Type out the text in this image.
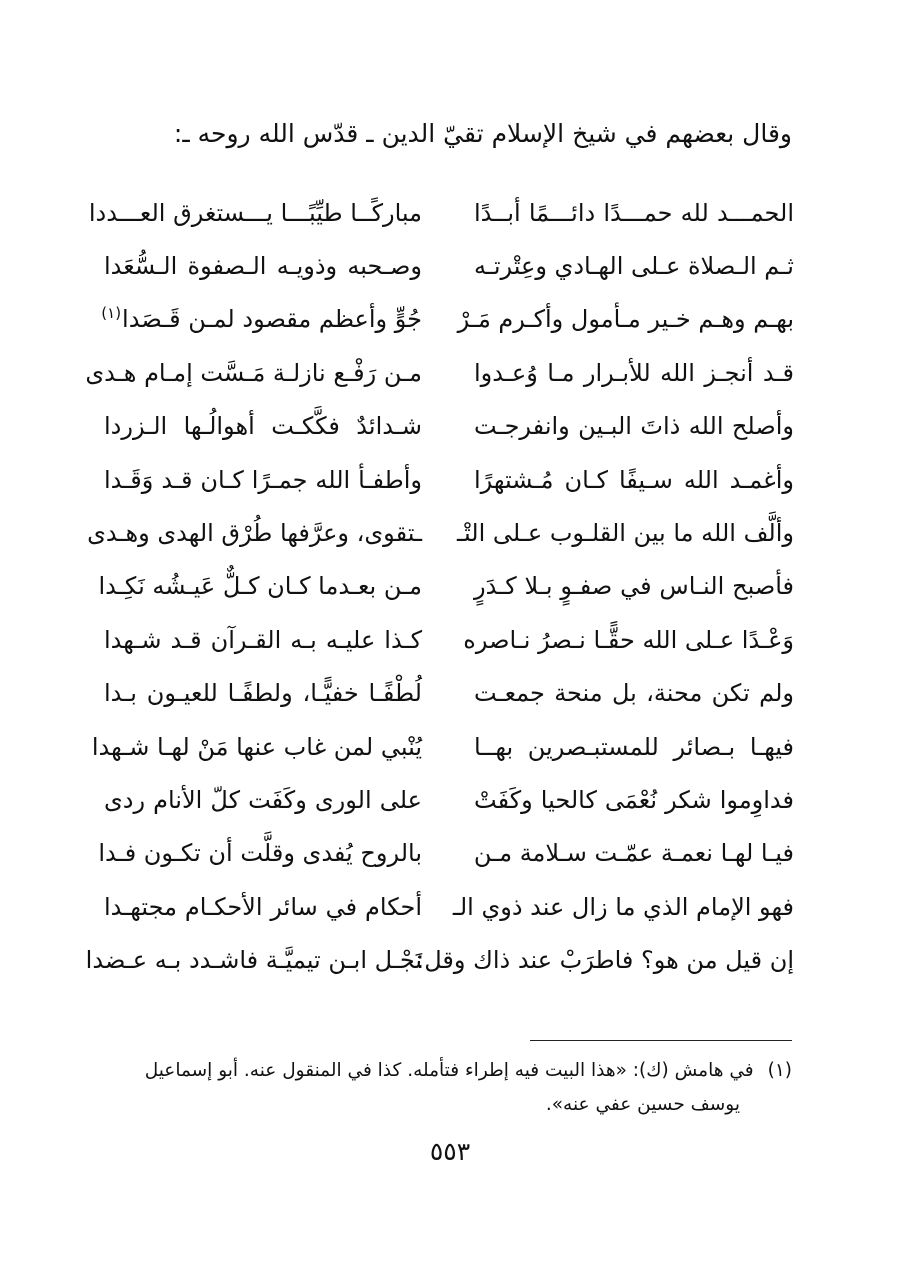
وقال بعضهم في شيخ الإسلام تقيّ الدين ـ قدّس الله روحه ـ:
الحمـــد لله حمـــدًا دائـــمًا أبــدًا
مباركًــا طيِّبًـــا يـــستغرق العـــددا
ثـم الـصلاة عـلى الهـادي وعِتْرتـه
وصـحبه وذويـه الـصفوة الـسُّعَدا
بهـم وهـم خـير مـأمول وأكـرم مَـرْ
جُوٍّ وأعظم مقصود لمـن قَـصَدا$^{(١)}$
قـد أنجـز الله للأبـرار مـا وُعـدوا
مـن رَفْـع نازلـة مَـسَّت إمـام هـدى
وأصلح الله ذاتَ البـين وانفرجـت
شـدائدٌ فكَّكـت أهوالُـها الـزردا
وأغمـد الله سـيفًا كـان مُـشتهرًا
وأطفـأ الله جمـرًا كـان قـد وَقَـدا
وألَّف الله ما بين القلـوب عـلى التْـ
ـتقوى، وعرَّفها طُرْق الهدى وهـدى
فأصبح النـاس في صفـوٍ بـلا كـدَرٍ
مـن بعـدما كـان كـلٌّ عَيـشُه نَكِـدا
وَعْـدًا عـلى الله حقًّـا نـصرُ نـاصره
كـذا عليـه بـه القـرآن قـد شـهدا
ولم تكن محنة، بل منحة جمعـت
لُطْفًـا خفيًّـا، ولطفًـا للعيـون بـدا
فيهـا بـصائر للمستبـصرين بهــا
يُنْبي لمن غاب عنها مَنْ لهـا شـهدا
فداوِموا شكر نُعْمَى كالحيا وكَفَتْ
على الورى وكَفَت كلّ الأنام ردى
فيـا لهـا نعمـة عمّـت سـلامة مـن
بالروح يُفدى وقلَّت أن تكـون فـدا
فهو الإمام الذي ما زال عند ذوي الـ
أحكام في سائر الأحكـام مجتهـدا
إن قيل من هو؟ فاطرَبْ عند ذاك وقل:
نَجْـل ابـن تيميَّـة فاشـدد بـه عـضدا
(١)في هامش (ك): «هذا البيت فيه إطراء فتأمله. كذا في المنقول عنه. أبو إسماعيل
يوسف حسين عفي عنه».
٥٥٣
